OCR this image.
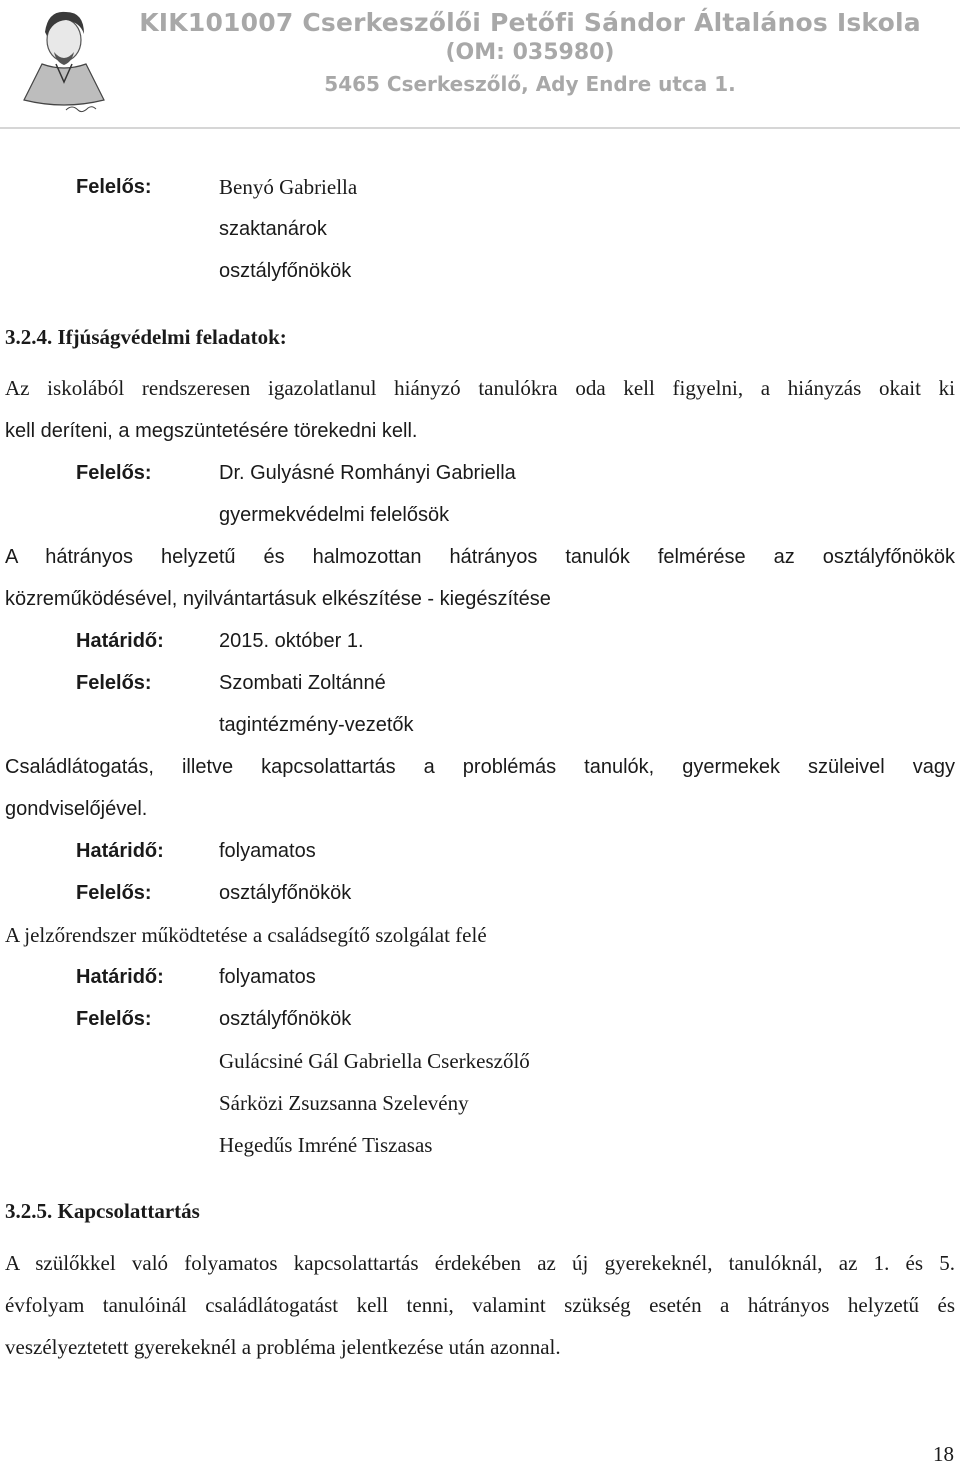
KIK101007 Cserkeszőlői Petőfi Sándor Általános Iskola
(OM: 035980)
5465 Cserkeszőlő, Ady Endre utca 1.
Felelős:	Benyó Gabriella
szaktanárok
osztályfőnökök
3.2.4. Ifjúságvédelmi feladatok:
Az iskolából rendszeresen igazolatlanul hiányzó tanulókra oda kell figyelni, a hiányzás okait ki
kell deríteni, a megszüntetésére törekedni kell.
Felelős:	Dr. Gulyásné Romhányi Gabriella
gyermekvédelmi felelősök
A hátrányos helyzetű és halmozottan hátrányos tanulók felmérése az osztályfőnökök
közreműködésével, nyilvántartásuk elkészítése - kiegészítése
Határidő:	2015. október 1.
Felelős:	Szombati Zoltánné
tagintézmény-vezetők
Családlátogatás, illetve kapcsolattartás a problémás tanulók, gyermekek szüleivel vagy
gondviselőjével.
Határidő:	folyamatos
Felelős:	osztályfőnökök
A jelzőrendszer működtetése a családsegítő szolgálat felé
Határidő:	folyamatos
Felelős:	osztályfőnökök
Gulácsiné Gál Gabriella Cserkeszőlő
Sárközi Zsuzsanna Szelevény
Hegedűs Imréné Tiszasas
3.2.5. Kapcsolattartás
A szülőkkel való folyamatos kapcsolattartás érdekében az új gyerekeknél, tanulóknál, az 1. és 5.
évfolyam tanulóinál családlátogatást kell tenni, valamint szükség esetén a hátrányos helyzetű és
veszélyeztetett gyerekeknél a probléma jelentkezése után azonnal.
18
